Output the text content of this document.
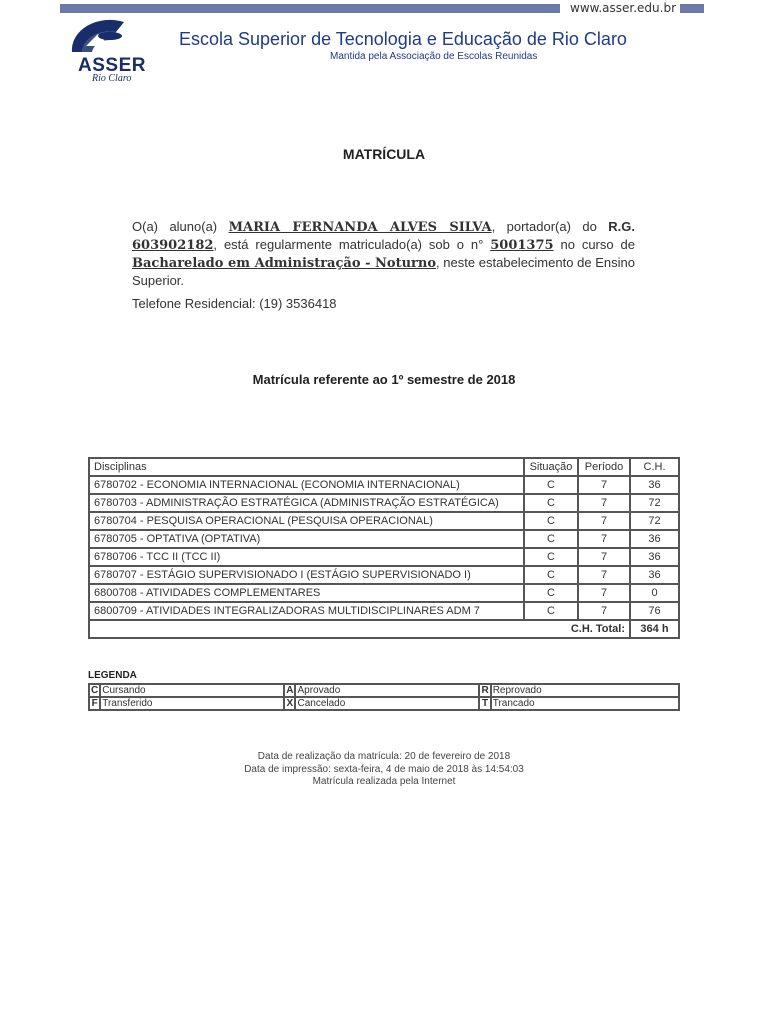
www.asser.edu.br
ASSER
Rio Claro
Escola Superior de Tecnologia e Educação de Rio Claro
Mantida pela Associação de Escolas Reunidas
MATRÍCULA
O(a) aluno(a) MARIA FERNANDA ALVES SILVA, portador(a) do R.G. 603902182, está regularmente matriculado(a) sob o n° 5001375 no curso de Bacharelado em Administração - Noturno, neste estabelecimento de Ensino Superior.
Telefone Residencial: (19) 3536418
Matrícula referente ao 1º semestre de 2018
Disciplinas	Situação	Período	C.H.
6780702 - ECONOMIA INTERNACIONAL (ECONOMIA INTERNACIONAL)	C	7	36
6780703 - ADMINISTRAÇÃO ESTRATÉGICA (ADMINISTRAÇÃO ESTRATÉGICA)	C	7	72
6780704 - PESQUISA OPERACIONAL (PESQUISA OPERACIONAL)	C	7	72
6780705 - OPTATIVA (OPTATIVA)	C	7	36
6780706 - TCC II (TCC II)	C	7	36
6780707 - ESTÁGIO SUPERVISIONADO I (ESTÁGIO SUPERVISIONADO I)	C	7	36
6800708 - ATIVIDADES COMPLEMENTARES	C	7	0
6800709 - ATIVIDADES INTEGRALIZADORAS MULTIDISCIPLINARES ADM 7	C	7	76
C.H. Total:			364 h
LEGENDA
C	Cursando	A	Aprovado	R	Reprovado
F	Transferido	X	Cancelado	T	Trancado
Data de realização da matrícula: 20 de fevereiro de 2018
Data de impressão: sexta-feira, 4 de maio de 2018 às 14:54:03
Matrícula realizada pela Internet
